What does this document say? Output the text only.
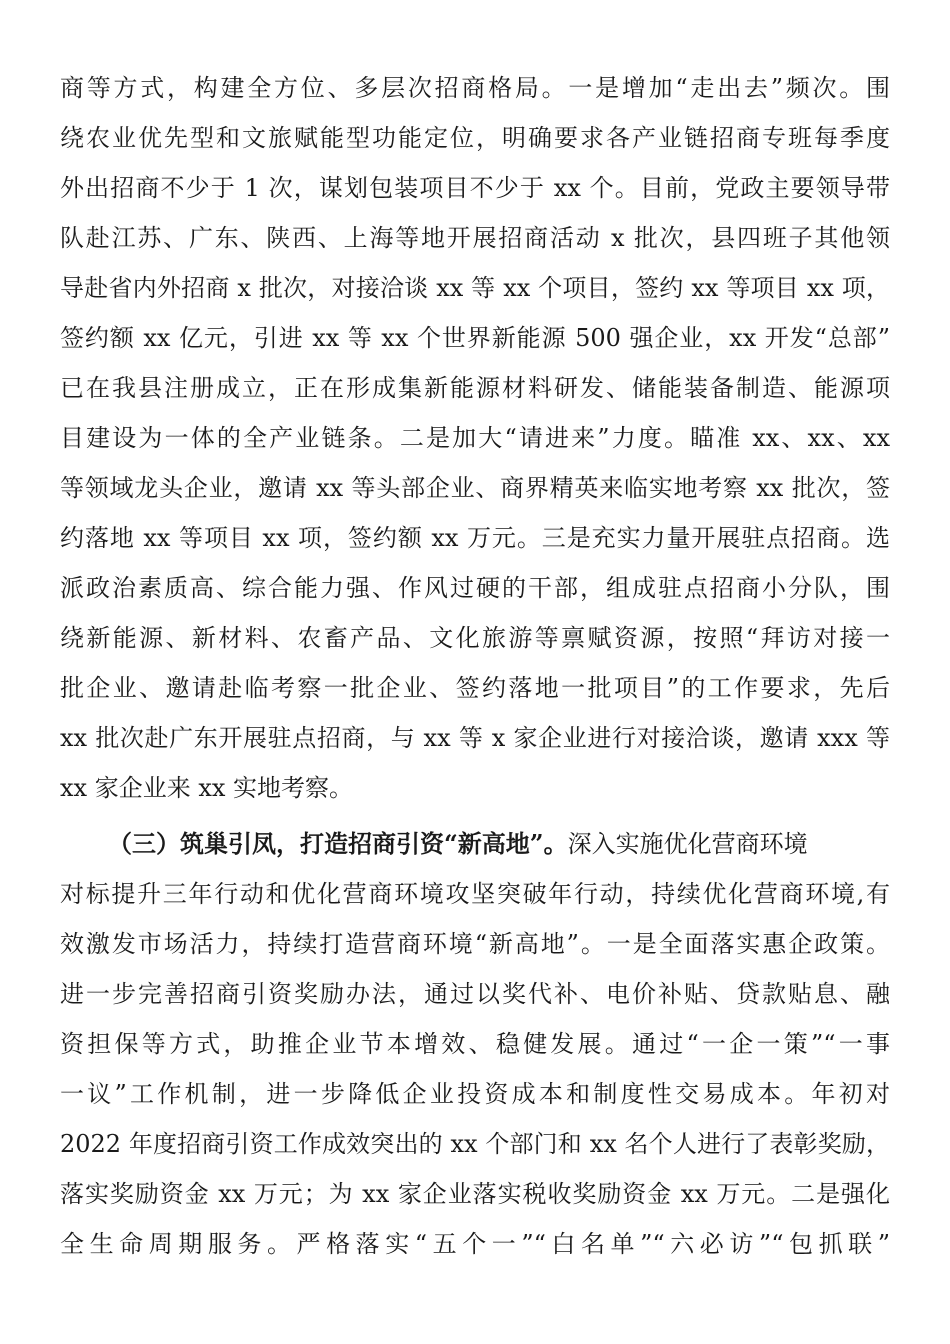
商等方式，构建全方位、多层次招商格局。一是增加“走出去”频次。围
绕农业优先型和文旅赋能型功能定位，明确要求各产业链招商专班每季度
外出招商不少于 1 次，谋划包装项目不少于 xx 个。目前，党政主要领导带
队赴江苏、广东、陕西、上海等地开展招商活动 x 批次，县四班子其他领
导赴省内外招商 x 批次，对接洽谈 xx 等 xx 个项目，签约 xx 等项目 xx 项，
签约额 xx 亿元，引进 xx 等 xx 个世界新能源 500 强企业，xx 开发“总部”
已在我县注册成立，正在形成集新能源材料研发、储能装备制造、能源项
目建设为一体的全产业链条。二是加大“请进来”力度。瞄准 xx、xx、xx
等领域龙头企业，邀请 xx 等头部企业、商界精英来临实地考察 xx 批次，签
约落地 xx 等项目 xx 项，签约额 xx 万元。三是充实力量开展驻点招商。选
派政治素质高、综合能力强、作风过硬的干部，组成驻点招商小分队，围
绕新能源、新材料、农畜产品、文化旅游等禀赋资源，按照“拜访对接一
批企业、邀请赴临考察一批企业、签约落地一批项目”的工作要求，先后
xx 批次赴广东开展驻点招商，与 xx 等 x 家企业进行对接洽谈，邀请 xxx 等
xx 家企业来 xx 实地考察。
（三）筑巢引凤，打造招商引资“新高地”。深入实施优化营商环境
对标提升三年行动和优化营商环境攻坚突破年行动，持续优化营商环境,有
效激发市场活力，持续打造营商环境“新高地”。一是全面落实惠企政策。
进一步完善招商引资奖励办法，通过以奖代补、电价补贴、贷款贴息、融
资担保等方式，助推企业节本增效、稳健发展。通过“一企一策”“一事
一议”工作机制，进一步降低企业投资成本和制度性交易成本。年初对
2022 年度招商引资工作成效突出的 xx 个部门和 xx 名个人进行了表彰奖励，
落实奖励资金 xx 万元；为 xx 家企业落实税收奖励资金 xx 万元。二是强化
全生命周期服务。严格落实“五个一”“白名单”“六必访”“包抓联”
